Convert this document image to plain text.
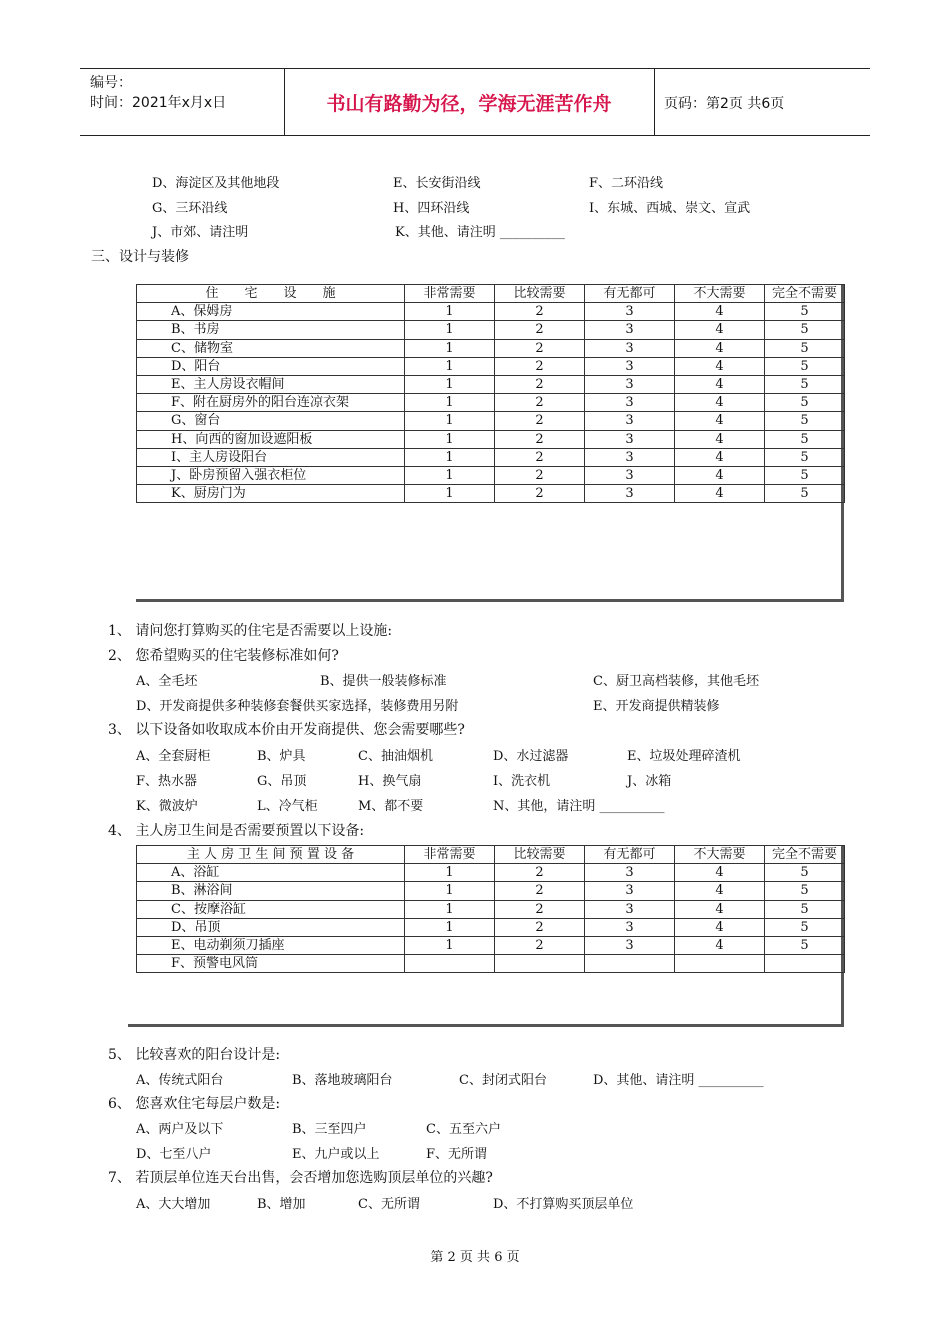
编号：
时间：2021年x月x日	书山有路勤为径，学海无涯苦作舟	页码：第2页 共6页
D、海淀区及其他地段	E、长安街沿线	F、二环沿线
G、三环沿线	H、四环沿线	I、东城、西城、崇文、宣武
J、市郊、请注明	K、其他、请注明 __________
三、设计与装修
住　　宅　　设　　施	非常需要	比较需要	有无都可	不大需要	完全不需要
A、保姆房	1	2	3	4	5
B、书房	1	2	3	4	5
C、储物室	1	2	3	4	5
D、阳台	1	2	3	4	5
E、主人房设衣帽间	1	2	3	4	5
F、附在厨房外的阳台连凉衣架	1	2	3	4	5
G、窗台	1	2	3	4	5
H、向西的窗加设遮阳板	1	2	3	4	5
I、主人房设阳台	1	2	3	4	5
J、卧房预留入强衣柜位	1	2	3	4	5
K、厨房门为	1	2	3	4	5
1、 请问您打算购买的住宅是否需要以上设施:
2、 您希望购买的住宅装修标准如何?
A、全毛坯	B、提供一般装修标准	C、厨卫高档装修，其他毛坯
D、开发商提供多种装修套餐供买家选择，装修费用另附	E、开发商提供精装修
3、 以下设备如收取成本价由开发商提供、您会需要哪些?
A、全套厨柜	B、炉具	C、抽油烟机	D、水过滤器	E、垃圾处理碎渣机
F、热水器	G、吊顶	H、换气扇	I、洗衣机	J、冰箱
K、微波炉	L、冷气柜	M、都不要	N、其他，请注明 __________
4、 主人房卫生间是否需要预置以下设备:
主 人 房 卫 生 间 预 置 设 备	非常需要	比较需要	有无都可	不大需要	完全不需要
A、浴缸	1	2	3	4	5
B、淋浴间	1	2	3	4	5
C、按摩浴缸	1	2	3	4	5
D、吊顶	1	2	3	4	5
E、电动剃须刀插座	1	2	3	4	5
F、预警电风筒					
5、 比较喜欢的阳台设计是:
A、传统式阳台	B、落地玻璃阳台	C、封闭式阳台	D、其他、请注明 __________
6、 您喜欢住宅每层户数是:
A、两户及以下	B、三至四户	C、五至六户
D、七至八户	E、九户或以上	F、无所谓
7、 若顶层单位连天台出售，会否增加您选购顶层单位的兴趣?
A、大大增加	B、增加	C、无所谓	D、不打算购买顶层单位
第 2 页 共 6 页
